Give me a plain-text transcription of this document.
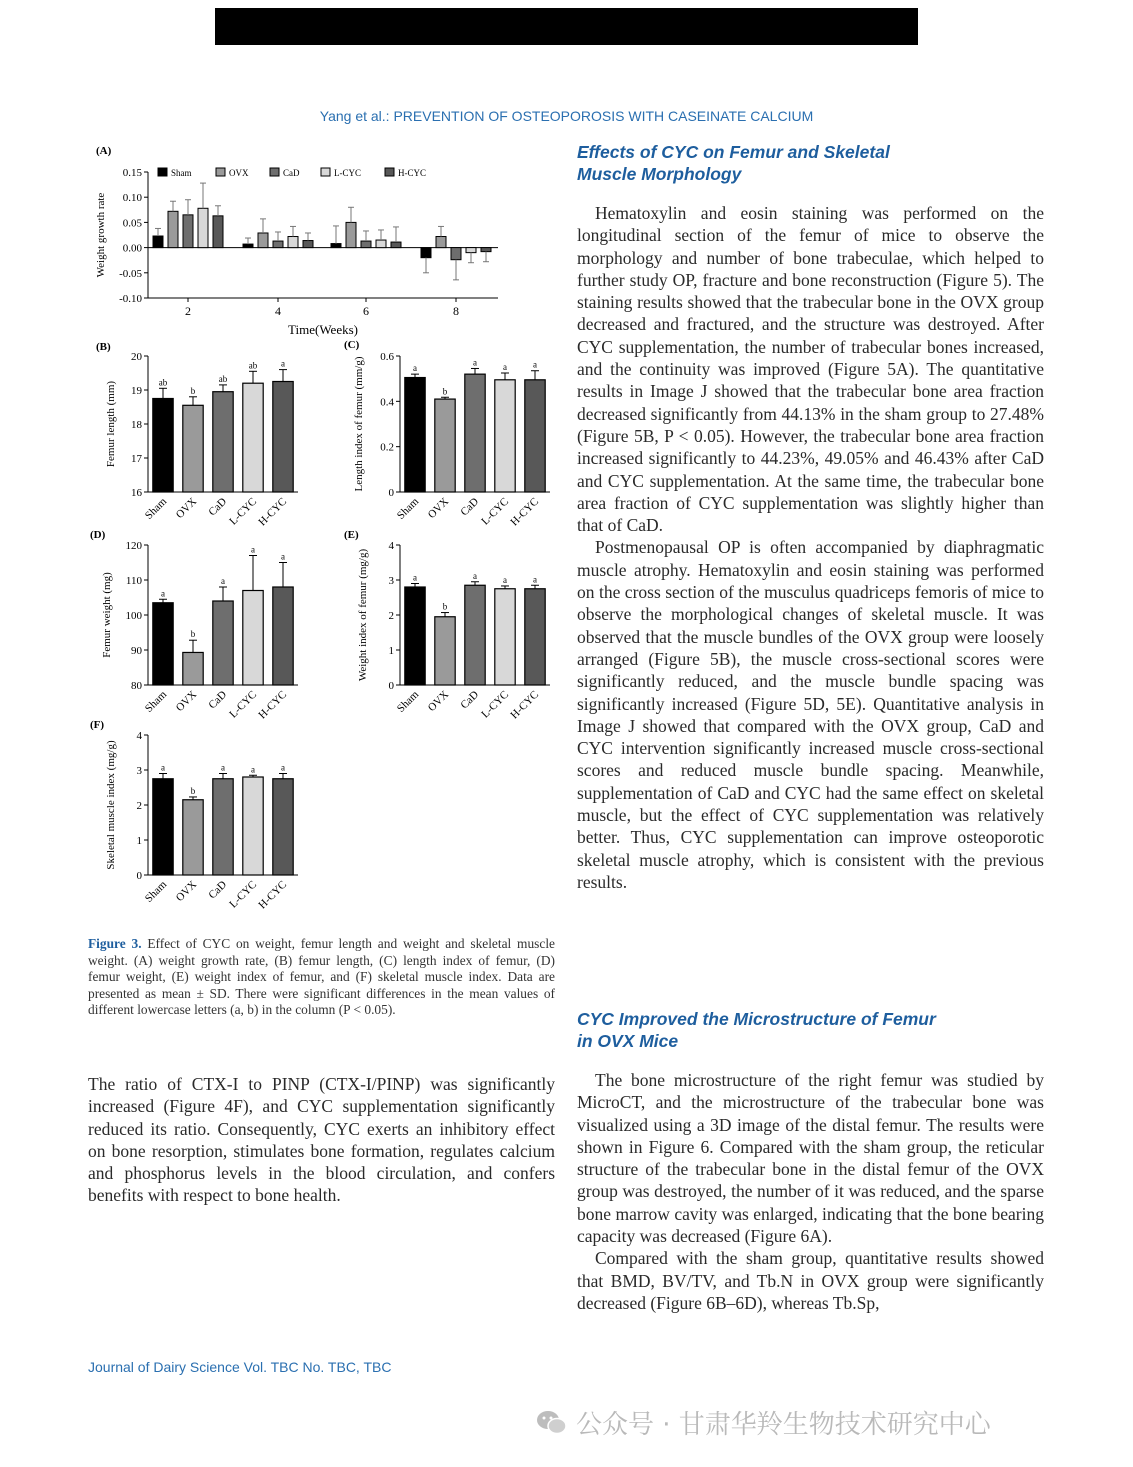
Yang et al.: PREVENTION OF OSTEOPOROSIS WITH CASEINATE CALCIUM
0.15
0.10
0.05
0.00
-0.05
-0.10
Weight growth rate
(A)
2	4	6	8
Time(Weeks)
Sham	OVX	CaD	L-CYC	H-CYC
20
19
18
17
16
Femur length (mm)
(B)
ab
Sham
b
OVX
ab
CaD
ab
L-CYC
a
H-CYC
0.6
0.4
0.2
0
Length index of femur (mm/g)
(C)
a
Sham
b
OVX
a
CaD
a
L-CYC
a
H-CYC
120
110
100
90
80
Femur weight (mg)
(D)
a
Sham
b
OVX
a
CaD
a
L-CYC
a
H-CYC
4
3
2
1
0
Weight index of femur (mg/g)
(E)
a
Sham
b
OVX
a
CaD
a
L-CYC
a
H-CYC
4
3
2
1
0
Skeletal muscle index (mg/g)
(F)
a
Sham
b
OVX
a
CaD
a
L-CYC
a
H-CYC
Figure 3. Effect of CYC on weight, femur length and weight and skeletal muscle weight. (A) weight growth rate, (B) femur length, (C) length index of femur, (D) femur weight, (E) weight index of femur, and (F) skeletal muscle index. Data are presented as mean ± SD. There were significant differences in the mean values of different lowercase letters (a, b) in the column (P < 0.05).

The ratio of CTX-I to PINP (CTX-I/PINP) was significantly increased (Figure 4F), and CYC supplementation significantly reduced its ratio. Consequently, CYC exerts an inhibitory effect on bone resorption, stimulates bone formation, regulates calcium and phosphorus levels in the blood circulation, and confers benefits with respect to bone health.

Effects of CYC on Femur and Skeletal
Muscle Morphology

Hematoxylin and eosin staining was performed on the longitudinal section of the femur of mice to observe the morphology and number of bone trabeculae, which helped to further study OP, fracture and bone reconstruction (Figure 5). The staining results showed that the trabecular bone in the OVX group decreased and fractured, and the structure was destroyed. After CYC supplementation, the number of trabecular bones increased, and the continuity was improved (Figure 5A). The quantitative results in Image J showed that the trabecular bone area fraction decreased significantly from 44.13% in the sham group to 27.48% (Figure 5B, P < 0.05). However, the trabecular bone area fraction increased significantly to 44.23%, 49.05% and 46.43% after CaD and CYC supplementation. At the same time, the trabecular bone area fraction of CYC supplementation was slightly higher than that of CaD.

Postmenopausal OP is often accompanied by diaphragmatic muscle atrophy. Hematoxylin and eosin staining was performed on the cross section of the musculus quadriceps femoris of mice to observe the morphological changes of skeletal muscle. It was observed that the muscle bundles of the OVX group were loosely arranged (Figure 5B), the muscle cross-sectional scores were significantly reduced, and the muscle bundle spacing was significantly increased (Figure 5D, 5E). Quantitative analysis in Image J showed that compared with the OVX group, CaD and CYC intervention significantly increased muscle cross-sectional scores and reduced muscle bundle spacing. Meanwhile, supplementation of CaD and CYC had the same effect on skeletal muscle, but the effect of CYC supplementation was relatively better. Thus, CYC supplementation can improve osteoporotic skeletal muscle atrophy, which is consistent with the previous results.

CYC Improved the Microstructure of Femur
in OVX Mice

The bone microstructure of the right femur was studied by MicroCT, and the microstructure of the trabecular bone was visualized using a 3D image of the distal femur. The results were shown in Figure 6. Compared with the sham group, the reticular structure of the trabecular bone in the distal femur of the OVX group was destroyed, the number of it was reduced, and the sparse bone marrow cavity was enlarged, indicating that the bone bearing capacity was decreased (Figure 6A).

Compared with the sham group, quantitative results showed that BMD, BV/TV, and Tb.N in OVX group were significantly decreased (Figure 6B–6D), whereas Tb.Sp,

Journal of Dairy Science Vol. TBC No. TBC, TBC
公众号 · 甘肃华羚生物技术研究中心
